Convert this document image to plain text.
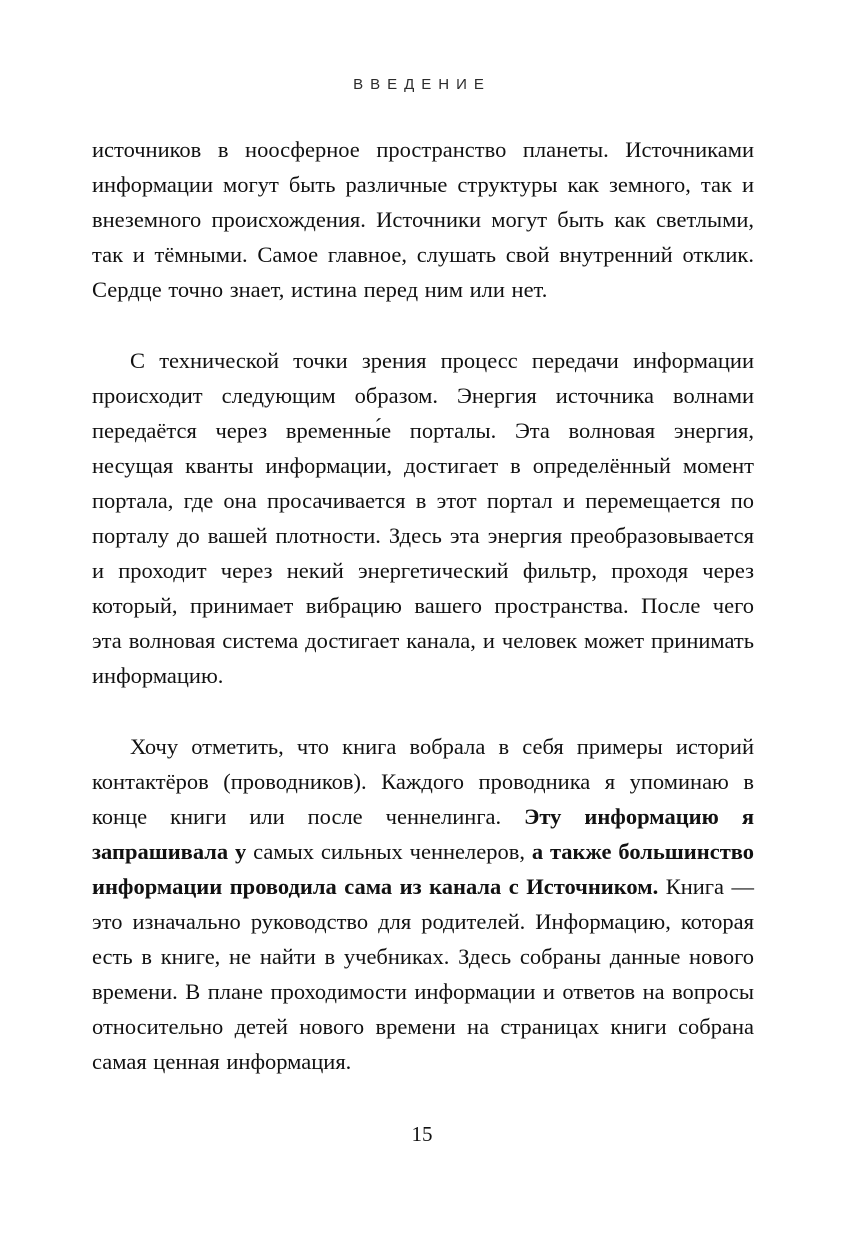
ВВЕДЕНИЕ

источников в ноосферное пространство планеты. Источниками информации могут быть различные структуры как земного, так и внеземного происхождения. Источники могут быть как светлыми, так и тёмными. Самое главное, слушать свой внутренний отклик. Сердце точно знает, истина перед ним или нет.

С технической точки зрения процесс передачи информации происходит следующим образом. Энергия источника волнами передаётся через временны́е порталы. Эта волновая энергия, несущая кванты информации, достигает в определённый момент портала, где она просачивается в этот портал и перемещается по порталу до вашей плотности. Здесь эта энергия преобразовывается и проходит через некий энергетический фильтр, проходя через который, принимает вибрацию вашего пространства. После чего эта волновая система достигает канала, и человек может принимать информацию.

Хочу отметить, что книга вобрала в себя примеры историй контактёров (проводников). Каждого проводника я упоминаю в конце книги или после ченнелинга. Эту информацию я запрашивала у самых сильных ченнелеров, а также большинство информации проводила сама из канала с Источником. Книга — это изначально руководство для родителей. Информацию, которая есть в книге, не найти в учебниках. Здесь собраны данные нового времени. В плане проходимости информации и ответов на вопросы относительно детей нового времени на страницах книги собрана самая ценная информация.

15
